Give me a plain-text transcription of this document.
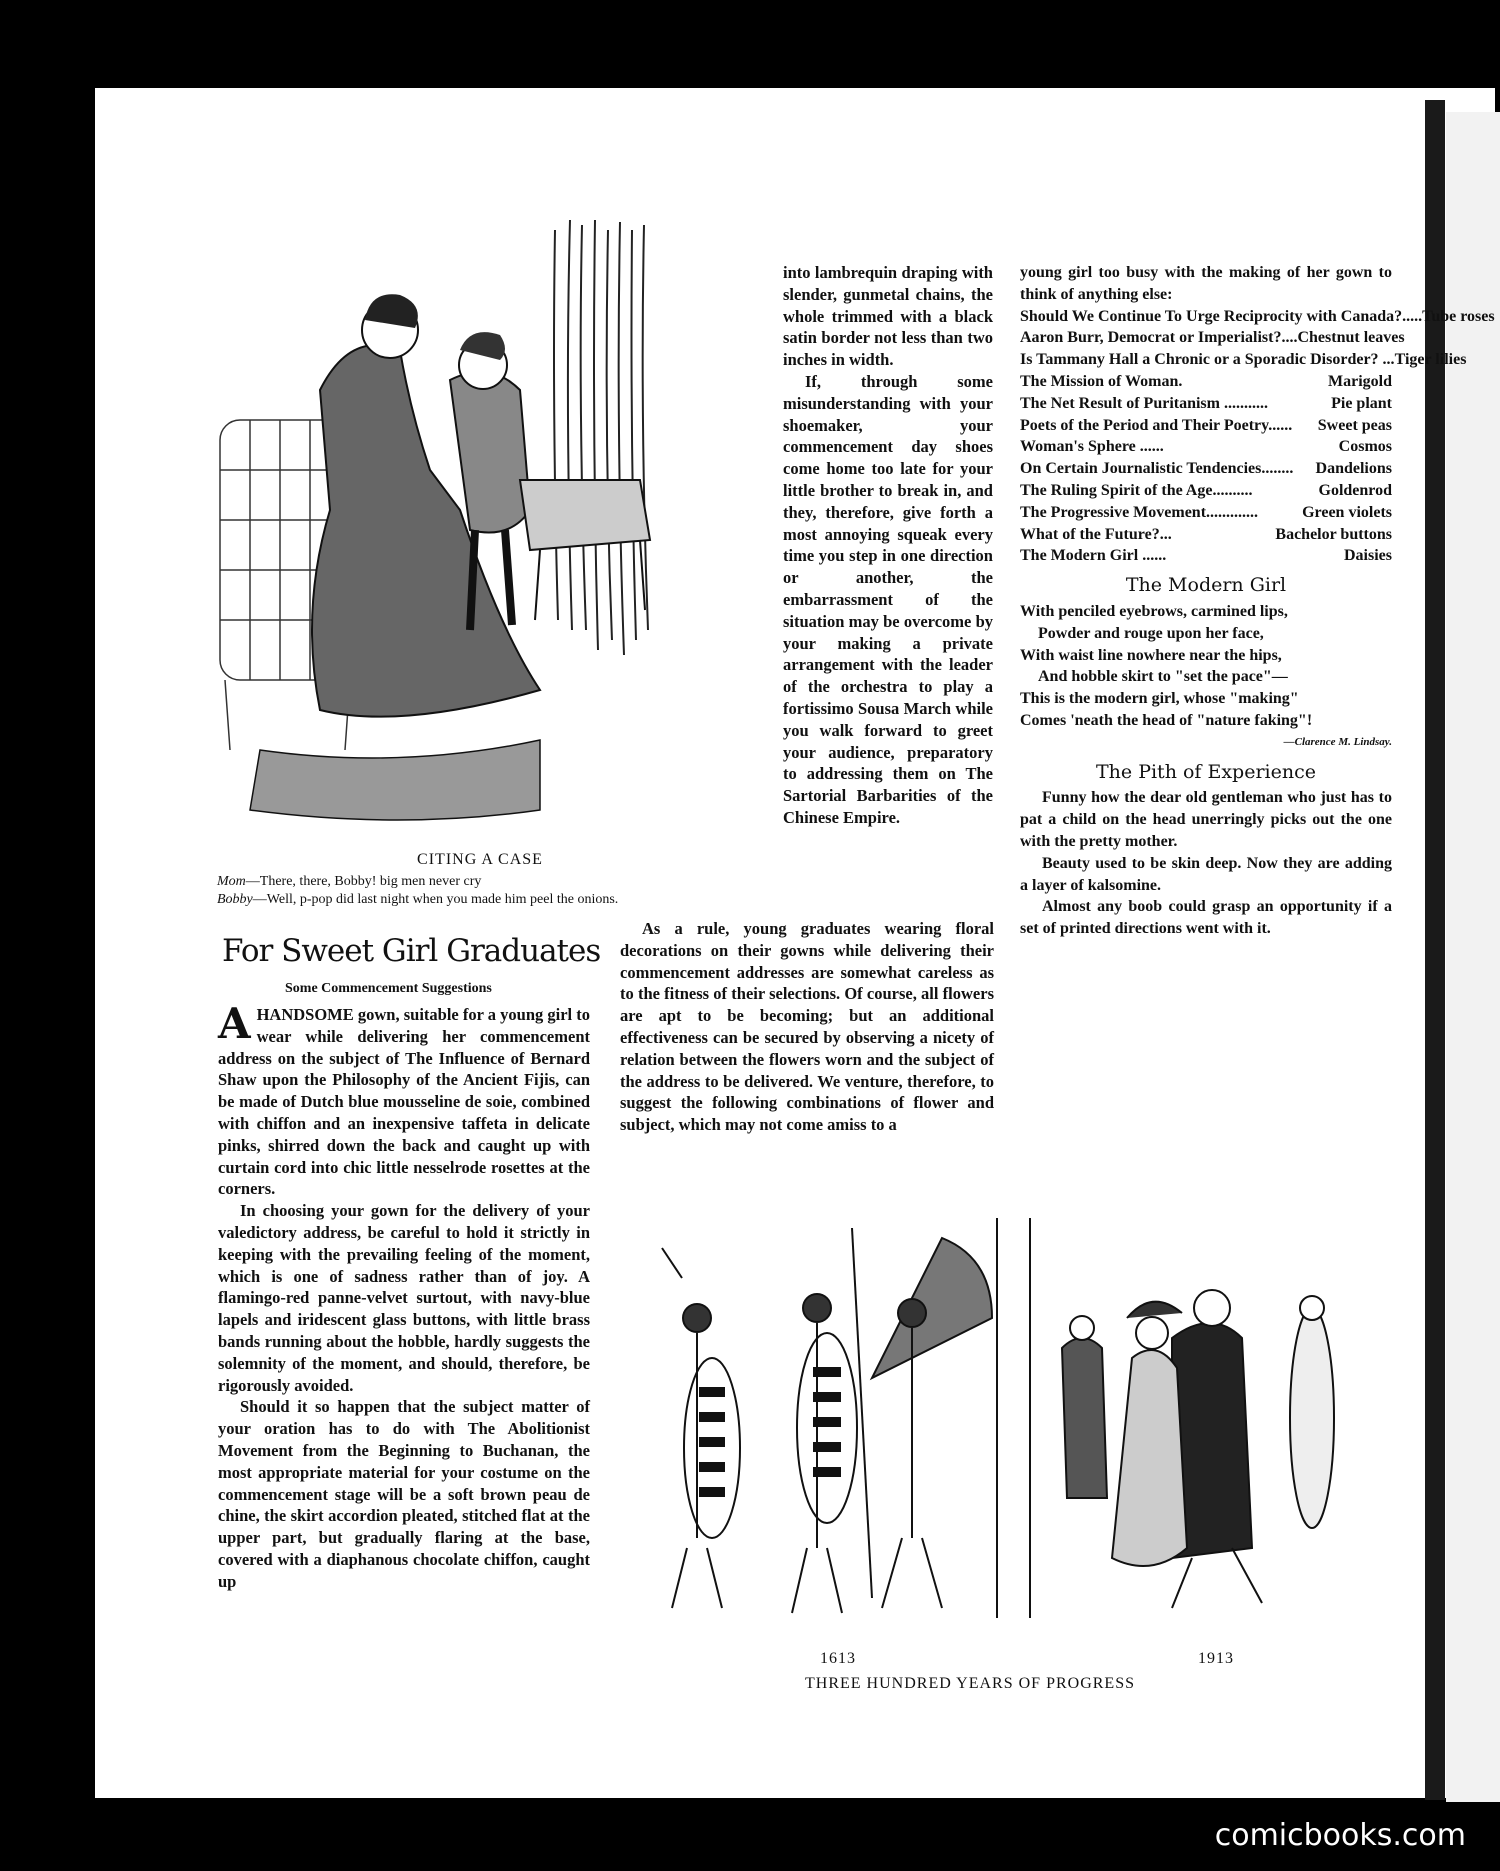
CITING A CASE
Mom—There, there, Bobby! big men never cry
Bobby—Well, p-pop did last night when you made him peel the onions.
For Sweet Girl Graduates
Some Commencement Suggestions

AHANDSOME gown, suitable for a young girl to wear while delivering her commencement address on the subject of The Influence of Bernard Shaw upon the Philosophy of the Ancient Fijis, can be made of Dutch blue mousseline de soie, combined with chiffon and an inexpensive taffeta in delicate pinks, shirred down the back and caught up with curtain cord into chic little nesselrode rosettes at the corners.

In choosing your gown for the delivery of your valedictory address, be careful to hold it strictly in keeping with the prevailing feeling of the moment, which is one of sadness rather than of joy. A flamingo-red panne-velvet surtout, with navy-blue lapels and iridescent glass buttons, with little brass bands running about the hobble, hardly suggests the solemnity of the moment, and should, therefore, be rigorously avoided.

Should it so happen that the subject matter of your oration has to do with The Abolitionist Movement from the Beginning to Buchanan, the most appropriate material for your costume on the commencement stage will be a soft brown peau de chine, the skirt accordion pleated, stitched flat at the upper part, but gradually flaring at the base, covered with a diaphanous chocolate chiffon, caught up

into lambrequin draping with slender, gunmetal chains, the whole trimmed with a black satin border not less than two inches in width.

If, through some misunderstanding with your shoemaker, your commencement day shoes come home too late for your little brother to break in, and they, therefore, give forth a most annoying squeak every time you step in one direction or another, the embarrassment of the situation may be overcome by your making a private arrangement with the leader of the orchestra to play a fortissimo Sousa March while you walk forward to greet your audience, preparatory to addressing them on The Sartorial Barbarities of the Chinese Empire.

As a rule, young graduates wearing floral decorations on their gowns while delivering their commencement addresses are somewhat careless as to the fitness of their selections. Of course, all flowers are apt to be becoming; but an additional effectiveness can be secured by observing a nicety of relation between the flowers worn and the subject of the address to be delivered. We venture, therefore, to suggest the following combinations of flower and subject, which may not come amiss to a

young girl too busy with the making of her gown to think of anything else:

Should We Continue To Urge Reciprocity with Canada?..... Tube roses
Aaron Burr, Democrat or Imperialist?.... Chestnut leaves
Is Tammany Hall a Chronic or a Sporadic Disorder? ... Tiger lilies
The Mission of Woman.	Marigold
The Net Result of Puritanism ...........	Pie plant
Poets of the Period and Their Poetry......	Sweet peas
Woman's Sphere ......	Cosmos
On Certain Journalistic Tendencies........	Dandelions
The Ruling Spirit of the Age..........	Goldenrod
The Progressive Movement.............	Green violets
What of the Future?...	Bachelor buttons
The Modern Girl ......	Daisies
The Modern Girl

With penciled eyebrows, carmined lips,

Powder and rouge upon her face,

With waist line nowhere near the hips,

And hobble skirt to "set the pace"—

This is the modern girl, whose "making"

Comes 'neath the head of "nature faking"!

—Clarence M. Lindsay.

The Pith of Experience

Funny how the dear old gentleman who just has to pat a child on the head unerringly picks out the one with the pretty mother.

Beauty used to be skin deep. Now they are adding a layer of kalsomine.

Almost any boob could grasp an opportunity if a set of printed directions went with it.

1613	1913
THREE HUNDRED YEARS OF PROGRESS
comicbooks.com
